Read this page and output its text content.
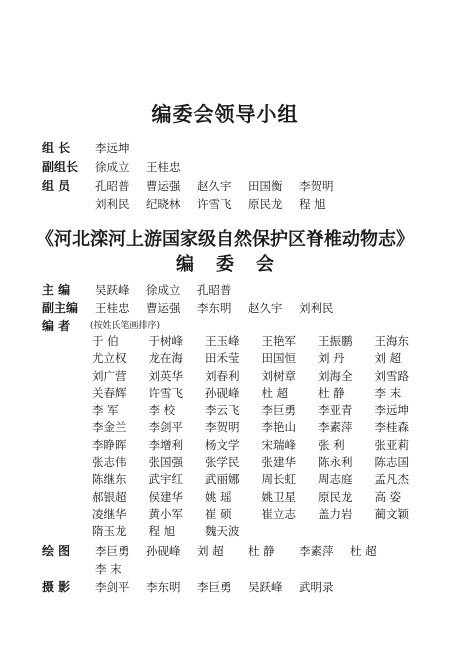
编委会领导小组
组 长	李远坤
副组长	徐成立 王桂忠
组 员	孔昭普 曹运强 赵久宇 田国衡 李贺明
刘利民 纪晓林 许雪飞 原民龙 程 旭
《河北滦河上游国家级自然保护区脊椎动物志》
编委会
主 编	吴跃峰 徐成立 孔昭普
副主编	王桂忠 曹运强 李东明 赵久宇 刘利民
编 者	(按姓氏笔画排序)
于 伯	于树峰 王玉峰 王艳军 王振鹏 王海东
尤立权 龙在海 田禾莹 田国恒 刘 丹	刘 超
刘广营 刘英华 刘春利 刘树章 刘海全 刘雪路
关春辉 许雪飞 孙砚峰 杜 超	杜 静	李 末
李 军	李 校	李云飞 李巨勇 李亚青 李远坤
李金兰 李剑平 李贺明 李艳山 李素萍 李桂森
李睁晖 李增利 杨文学 宋瑞峰 张 利	张亚莉
张志伟 张国强 张学民 张建华 陈永利 陈志国
陈继东 武宇红 武丽娜 周长虹 周志庭 孟凡杰
郝银超 侯建华 姚 瑶	姚卫星 原民龙 高 姿
凌继华 黄小军 崔 硕	崔立志 盖力岩 蔺文颖
隋玉龙 程 旭	魏天波
绘 图	李巨勇 孙砚峰 刘 超 杜 静 李素萍 杜 超
李 末
摄 影	李剑平 李东明 李巨勇 吴跃峰 武明录
